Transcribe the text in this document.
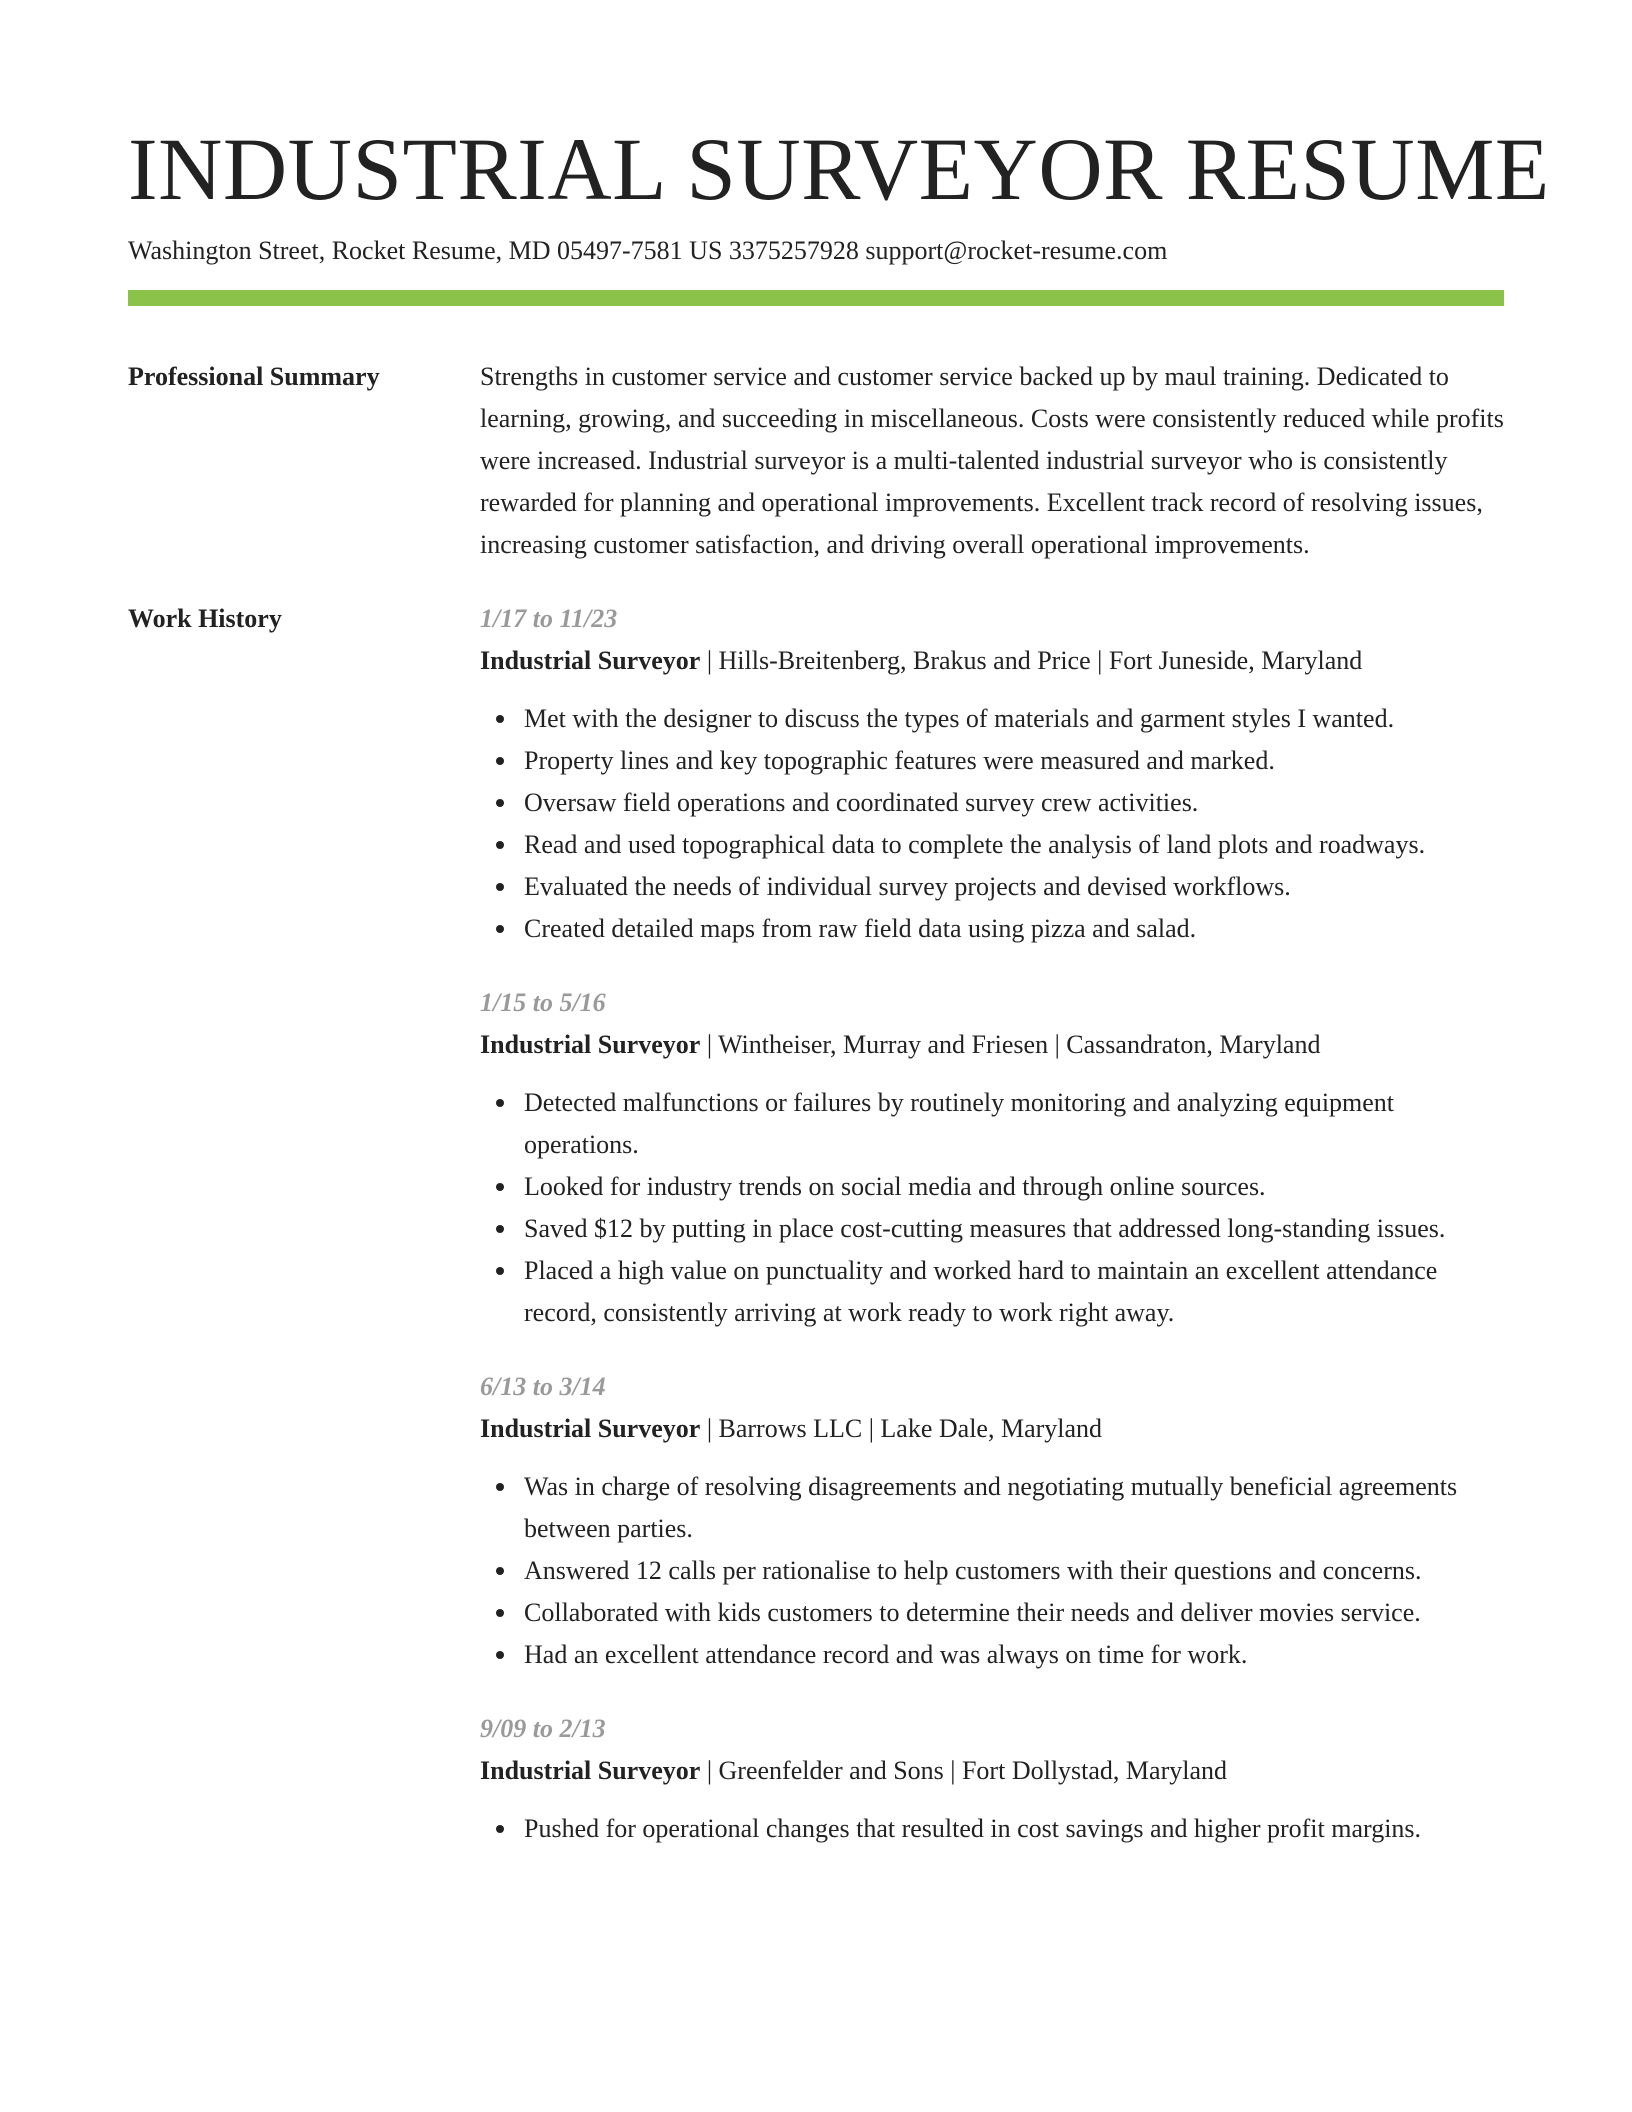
INDUSTRIAL SURVEYOR RESUME
Washington Street, Rocket Resume, MD 05497-7581 US 3375257928 support@rocket-resume.com
Professional Summary	Strengths in customer service and customer service backed up by maul training. Dedicated to learning, growing, and succeeding in miscellaneous. Costs were consistently reduced while profits were increased. Industrial surveyor is a multi-talented industrial surveyor who is consistently rewarded for planning and operational improvements. Excellent track record of resolving issues, increasing customer satisfaction, and driving overall operational improvements.

Work History	1/17 to 11/23
Industrial Surveyor | Hills-Breitenberg, Brakus and Price | Fort Juneside, Maryland
Met with the designer to discuss the types of materials and garment styles I wanted.
Property lines and key topographic features were measured and marked.
Oversaw field operations and coordinated survey crew activities.
Read and used topographical data to complete the analysis of land plots and roadways.
Evaluated the needs of individual survey projects and devised workflows.
Created detailed maps from raw field data using pizza and salad.
1/15 to 5/16
Industrial Surveyor | Wintheiser, Murray and Friesen | Cassandraton, Maryland
Detected malfunctions or failures by routinely monitoring and analyzing equipment operations.
Looked for industry trends on social media and through online sources.
Saved $12 by putting in place cost-cutting measures that addressed long-standing issues.
Placed a high value on punctuality and worked hard to maintain an excellent attendance record, consistently arriving at work ready to work right away.
6/13 to 3/14
Industrial Surveyor | Barrows LLC | Lake Dale, Maryland
Was in charge of resolving disagreements and negotiating mutually beneficial agreements between parties.
Answered 12 calls per rationalise to help customers with their questions and concerns.
Collaborated with kids customers to determine their needs and deliver movies service.
Had an excellent attendance record and was always on time for work.
9/09 to 2/13
Industrial Surveyor | Greenfelder and Sons | Fort Dollystad, Maryland
Pushed for operational changes that resulted in cost savings and higher profit margins.
